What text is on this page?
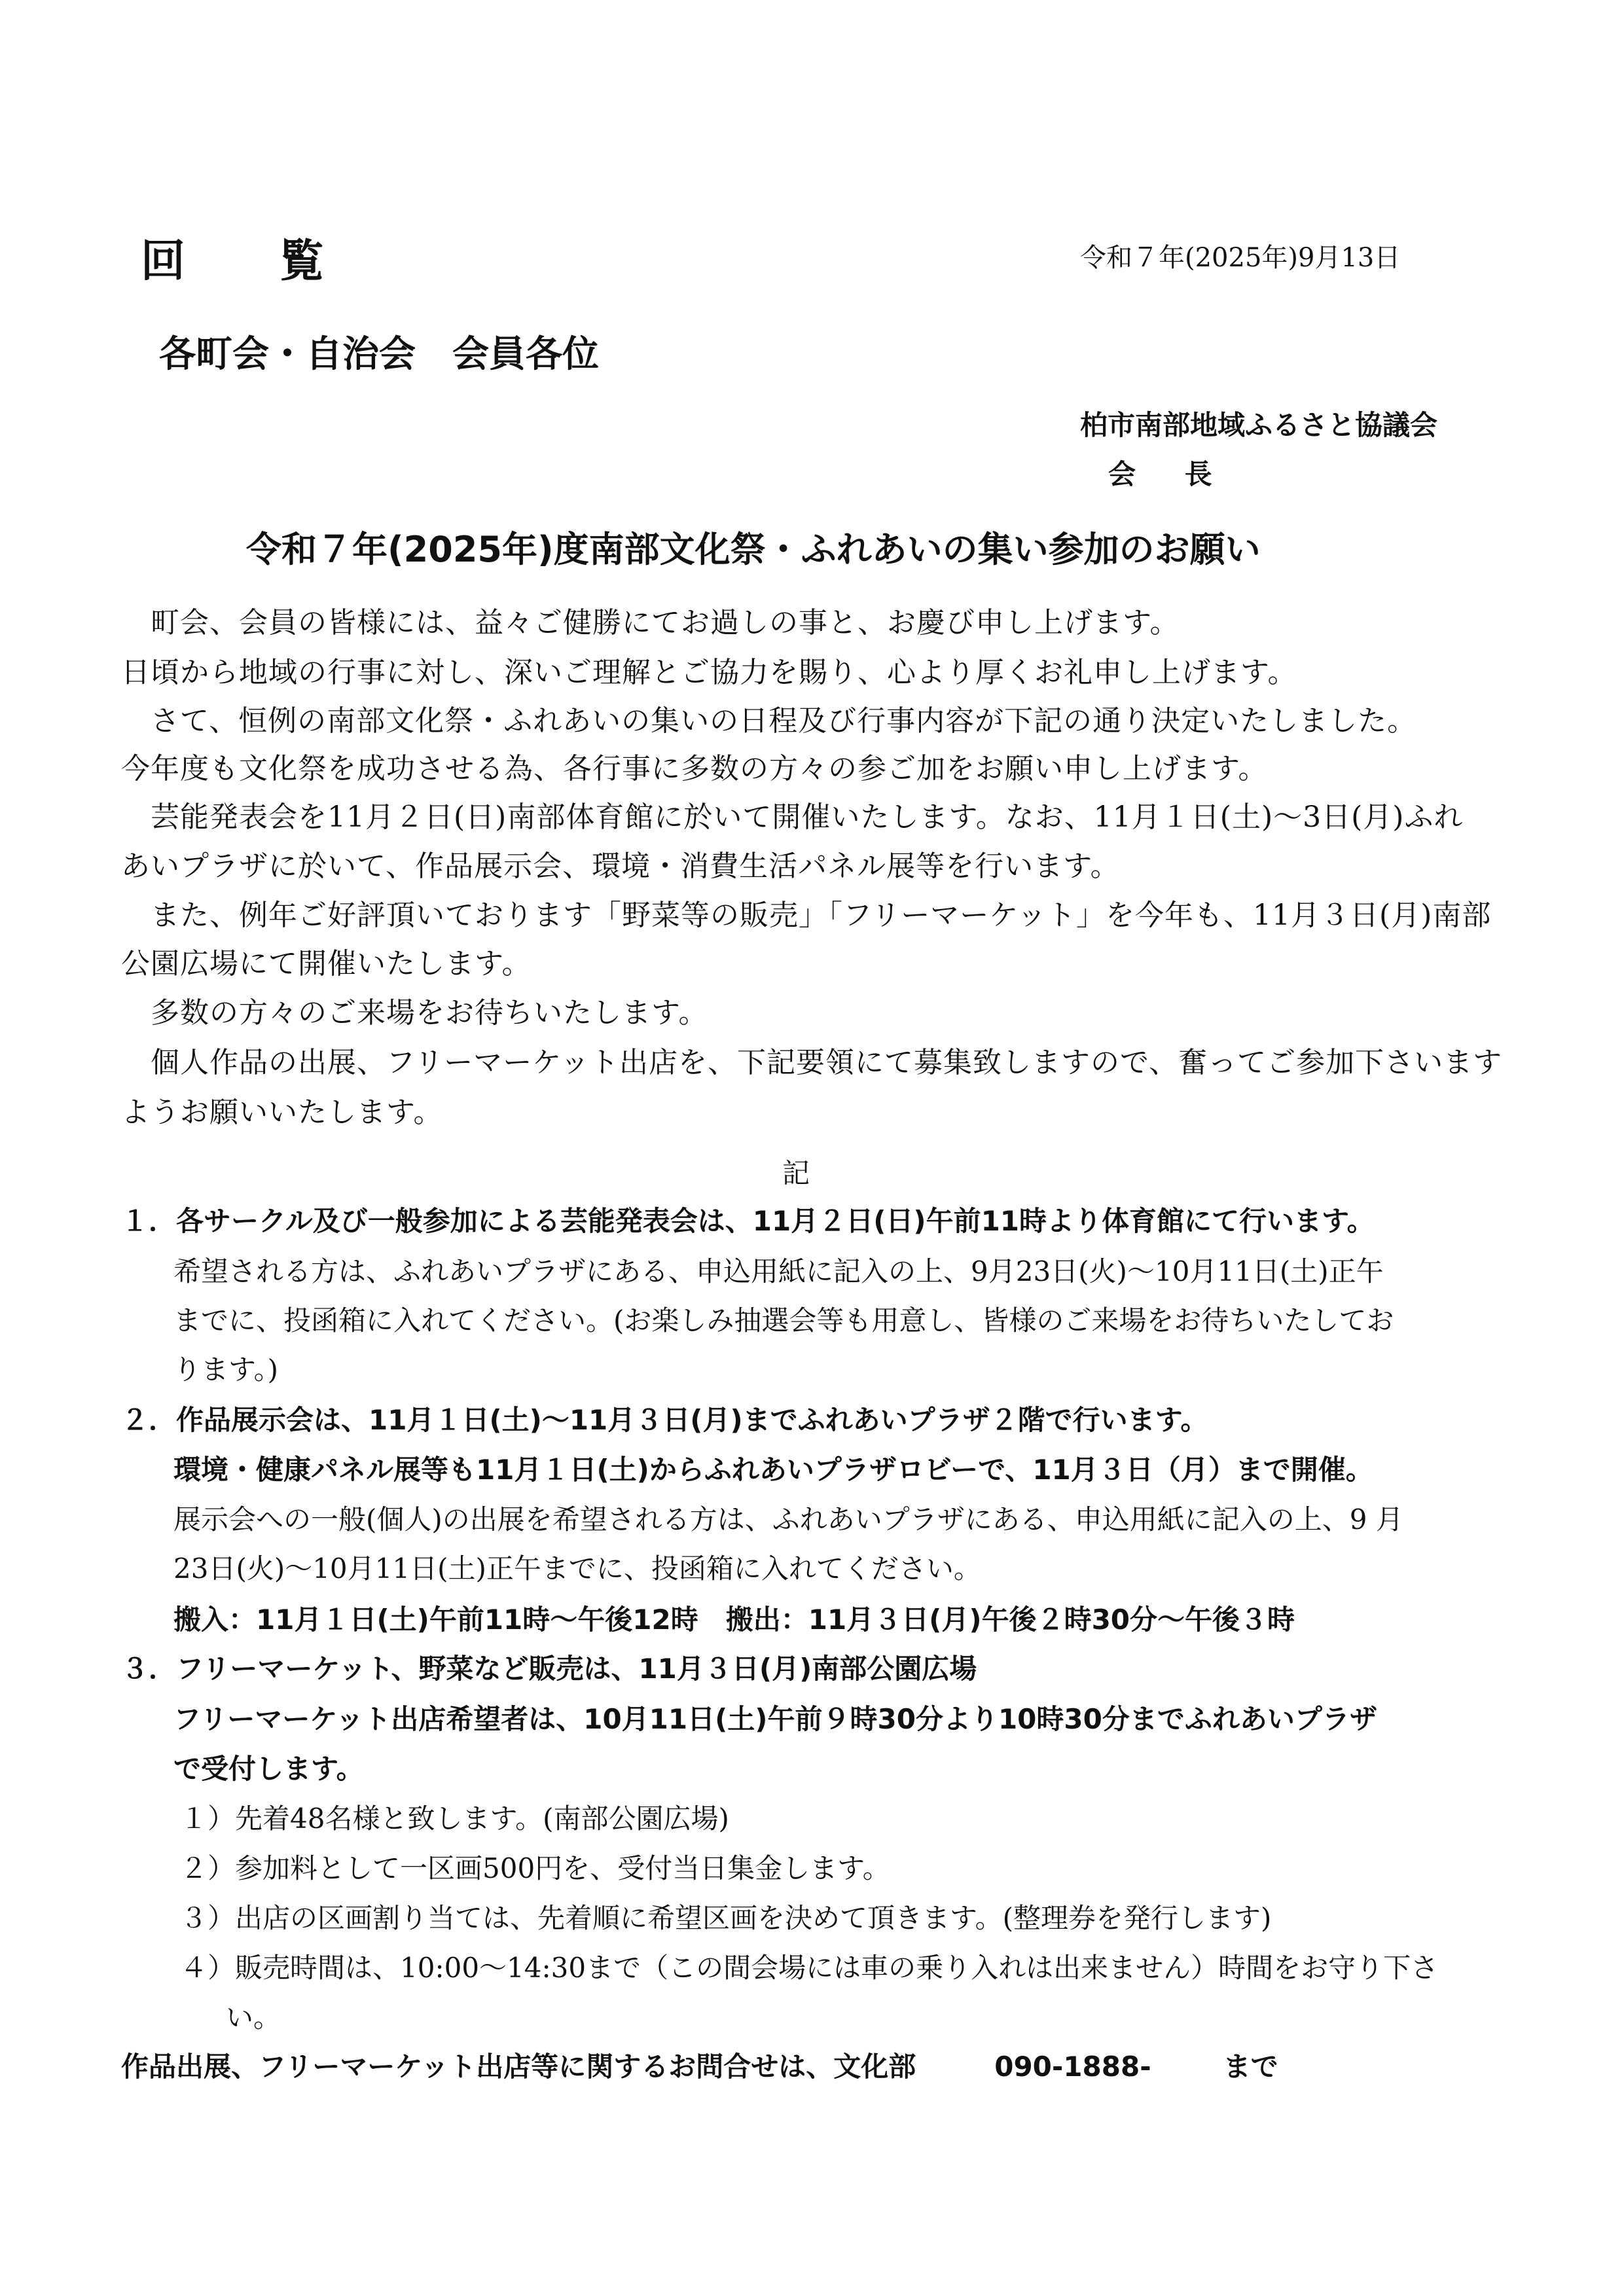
回 覧	令和７年(2025年)9月13日
各町会・自治会　会員各位
柏市南部地域ふるさと協議会
会 長
令和７年(2025年)度南部文化祭・ふれあいの集い参加のお願い
町会、会員の皆様には、益々ご健勝にてお過しの事と、お慶び申し上げます。
日頃から地域の行事に対し、深いご理解とご協力を賜り、心より厚くお礼申し上げます。
さて、恒例の南部文化祭・ふれあいの集いの日程及び行事内容が下記の通り決定いたしました。
今年度も文化祭を成功させる為、各行事に多数の方々の参ご加をお願い申し上げます。
芸能発表会を11月２日(日)南部体育館に於いて開催いたします。なお、11月１日(土)〜3日(月)ふれ
あいプラザに於いて、作品展示会、環境・消費生活パネル展等を行います。
また、例年ご好評頂いております「野菜等の販売」「フリーマーケット」を今年も、11月３日(月)南部
公園広場にて開催いたします。
多数の方々のご来場をお待ちいたします。
個人作品の出展、フリーマーケット出店を、下記要領にて募集致しますので、奮ってご参加下さいます
ようお願いいたします。
記
１．各サークル及び一般参加による芸能発表会は、11月２日(日)午前11時より体育館にて行います。
希望される方は、ふれあいプラザにある、申込用紙に記入の上、9月23日(火)〜10月11日(土)正午
までに、投函箱に入れてください。(お楽しみ抽選会等も用意し、皆様のご来場をお待ちいたしてお
ります。)
２．作品展示会は、11月１日(土)〜11月３日(月)までふれあいプラザ２階で行います。
環境・健康パネル展等も11月１日(土)からふれあいプラザロビーで、11月３日（月）まで開催。
展示会への一般(個人)の出展を希望される方は、ふれあいプラザにある、申込用紙に記入の上、9 月
23日(火)〜10月11日(土)正午までに、投函箱に入れてください。
搬入：11月１日(土)午前11時〜午後12時　搬出：11月３日(月)午後２時30分〜午後３時
３．フリーマーケット、野菜など販売は、11月３日(月)南部公園広場
フリーマーケット出店希望者は、10月11日(土)午前９時30分より10時30分までふれあいプラザ
で受付します。
１）先着48名様と致します。(南部公園広場)
２）参加料として一区画500円を、受付当日集金します。
３）出店の区画割り当ては、先着順に希望区画を決めて頂きます。(整理券を発行します)
４）販売時間は、10:00〜14:30まで（この間会場には車の乗り入れは出来ません）時間をお守り下さ
い。
作品出展、フリーマーケット出店等に関するお問合せは、文化部	090-1888-	まで
